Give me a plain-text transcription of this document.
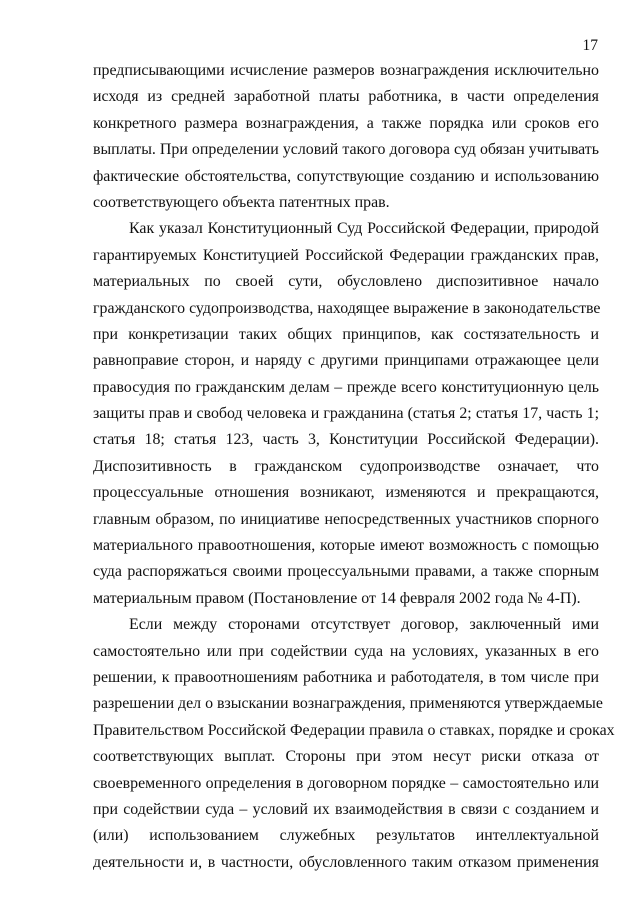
17
предписывающими исчисление размеров вознаграждения исключительно
исходя из средней заработной платы работника, в части определения
конкретного размера вознаграждения, а также порядка или сроков его
выплаты. При определении условий такого договора суд обязан учитывать
фактические обстоятельства, сопутствующие созданию и использованию
соответствующего объекта патентных прав.
Как указал Конституционный Суд Российской Федерации, природой
гарантируемых Конституцией Российской Федерации гражданских прав,
материальных по своей сути, обусловлено диспозитивное начало
гражданского судопроизводства, находящее выражение в законодательстве
при конкретизации таких общих принципов, как состязательность и
равноправие сторон, и наряду с другими принципами отражающее цели
правосудия по гражданским делам – прежде всего конституционную цель
защиты прав и свобод человека и гражданина (статья 2; статья 17, часть 1;
статья 18; статья 123, часть 3, Конституции Российской Федерации).
Диспозитивность в гражданском судопроизводстве означает, что
процессуальные отношения возникают, изменяются и прекращаются,
главным образом, по инициативе непосредственных участников спорного
материального правоотношения, которые имеют возможность с помощью
суда распоряжаться своими процессуальными правами, а также спорным
материальным правом (Постановление от 14 февраля 2002 года № 4-П).
Если между сторонами отсутствует договор, заключенный ими
самостоятельно или при содействии суда на условиях, указанных в его
решении, к правоотношениям работника и работодателя, в том числе при
разрешении дел о взыскании вознаграждения, применяются утверждаемые
Правительством Российской Федерации правила о ставках, порядке и сроках
соответствующих выплат. Стороны при этом несут риски отказа от
своевременного определения в договорном порядке – самостоятельно или
при содействии суда – условий их взаимодействия в связи с созданием и
(или) использованием служебных результатов интеллектуальной
деятельности и, в частности, обусловленного таким отказом применения
